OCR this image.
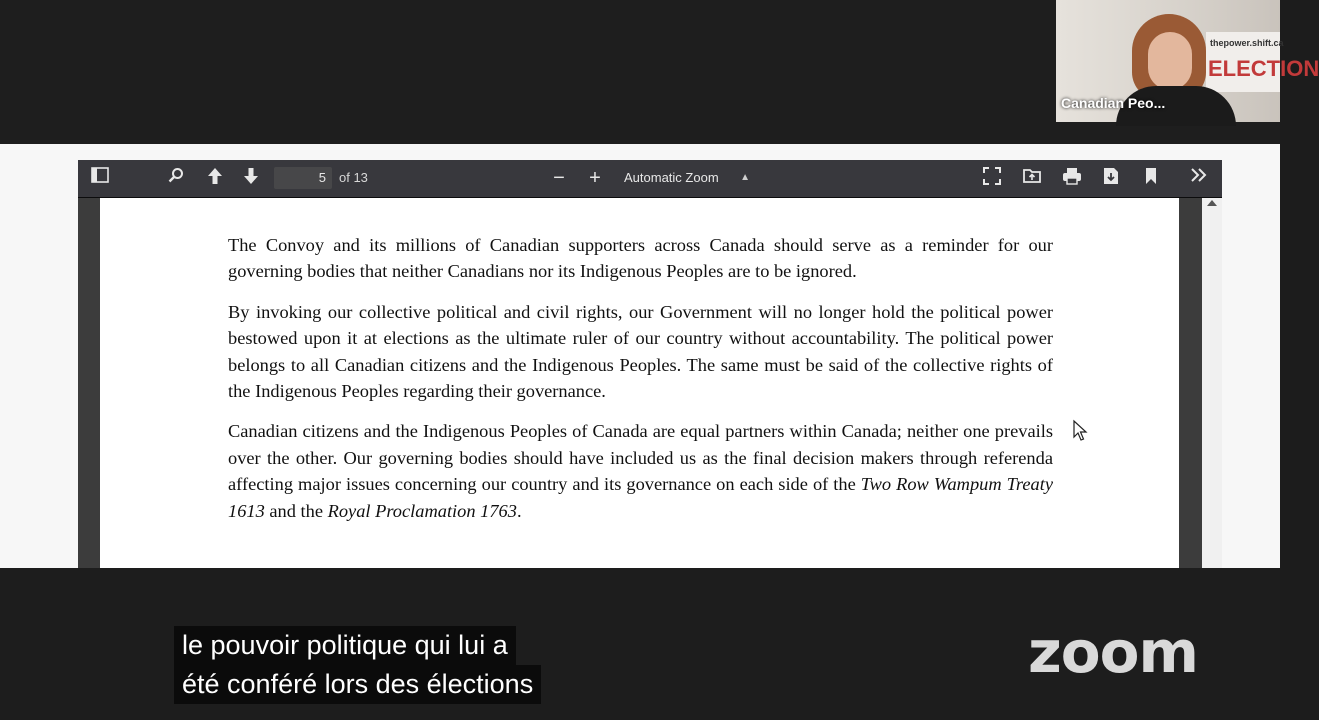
thepower.shift.ca
ELECTION
Canadian Peo...
5	of 13	−	+	Automatic Zoom ▲

The Convoy and its millions of Canadian supporters across Canada should serve as a reminder for our governing bodies that neither Canadians nor its Indigenous Peoples are to be ignored.

By invoking our collective political and civil rights, our Government will no longer hold the political power bestowed upon it at elections as the ultimate ruler of our country without accountability. The political power belongs to all Canadian citizens and the Indigenous Peoples. The same must be said of the collective rights of the Indigenous Peoples regarding their governance.

Canadian citizens and the Indigenous Peoples of Canada are equal partners within Canada; neither one prevails over the other. Our governing bodies should have included us as the final decision makers through referenda affecting major issues concerning our country and its governance on each side of the Two Row Wampum Treaty 1613 and the Royal Proclamation 1763.

le pouvoir politique qui lui a
été conféré lors des élections	zoom
